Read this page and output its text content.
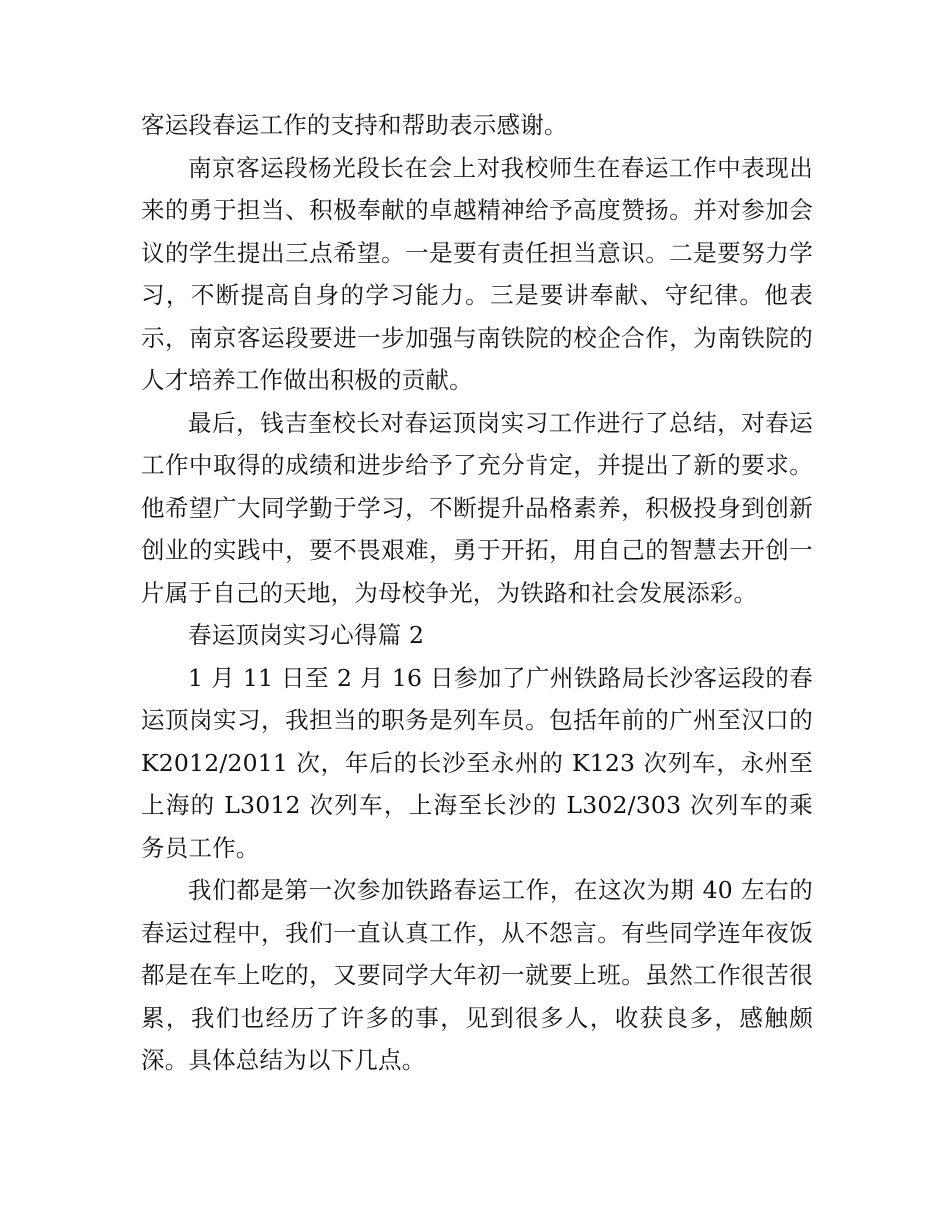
客运段春运工作的支持和帮助表示感谢。

南京客运段杨光段长在会上对我校师生在春运工作中表现出来的勇于担当、积极奉献的卓越精神给予高度赞扬。并对参加会议的学生提出三点希望。一是要有责任担当意识。二是要努力学习，不断提高自身的学习能力。三是要讲奉献、守纪律。他表示，南京客运段要进一步加强与南铁院的校企合作，为南铁院的人才培养工作做出积极的贡献。

最后，钱吉奎校长对春运顶岗实习工作进行了总结，对春运工作中取得的成绩和进步给予了充分肯定，并提出了新的要求。他希望广大同学勤于学习，不断提升品格素养，积极投身到创新创业的实践中，要不畏艰难，勇于开拓，用自己的智慧去开创一片属于自己的天地，为母校争光，为铁路和社会发展添彩。

春运顶岗实习心得篇 2

1 月 11 日至 2 月 16 日参加了广州铁路局长沙客运段的春运顶岗实习，我担当的职务是列车员。包括年前的广州至汉口的 K2012/2011 次，年后的长沙至永州的 K123 次列车，永州至上海的 L3012 次列车，上海至长沙的 L302/303 次列车的乘务员工作。

我们都是第一次参加铁路春运工作，在这次为期 40 左右的春运过程中，我们一直认真工作，从不怨言。有些同学连年夜饭都是在车上吃的，又要同学大年初一就要上班。虽然工作很苦很累，我们也经历了许多的事，见到很多人，收获良多，感触颇深。具体总结为以下几点。
